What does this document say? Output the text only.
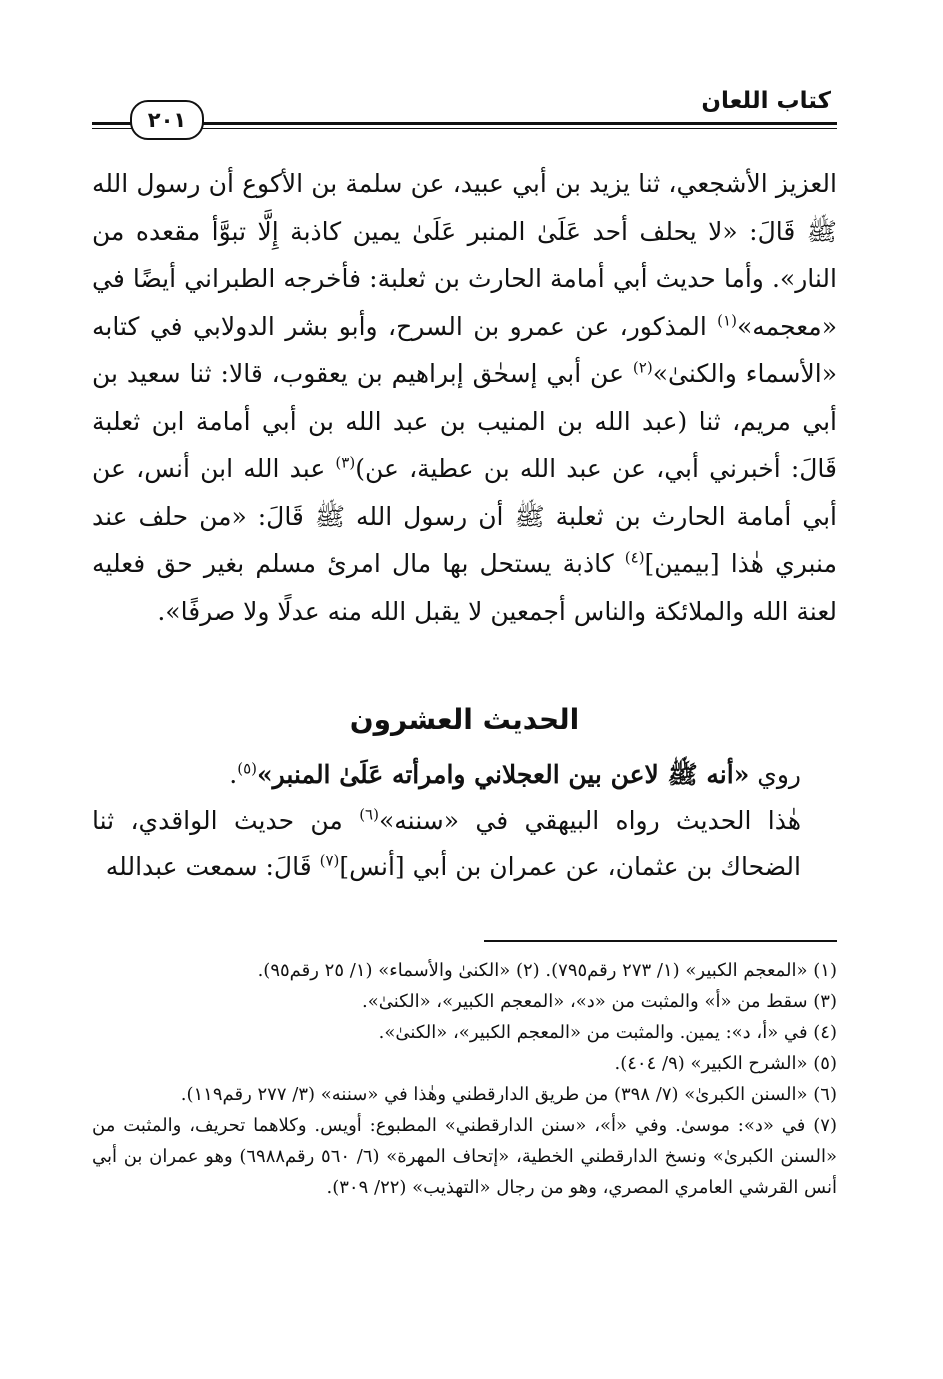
كتاب اللعان
٢٠١

العزيز الأشجعي، ثنا يزيد بن أبي عبيد، عن سلمة بن الأكوع أن رسول الله ﷺ قَالَ: «لا يحلف أحد عَلَىٰ المنبر عَلَىٰ يمين كاذبة إِلَّا تبوَّأ مقعده من النار». وأما حديث أبي أمامة الحارث بن ثعلبة: فأخرجه الطبراني أيضًا في «معجمه»$^{(١)}$ المذكور، عن عمرو بن السرح، وأبو بشر الدولابي في كتابه «الأسماء والكنىٰ»$^{(٢)}$ عن أبي إسحٰق إبراهيم بن يعقوب، قالا: ثنا سعيد بن أبي مريم، ثنا (عبد الله بن المنيب بن عبد الله بن أبي أمامة ابن ثعلبة قَالَ: أخبرني أبي، عن عبد الله بن عطية، عن)$^{(٣)}$ عبد الله ابن أنس، عن أبي أمامة الحارث بن ثعلبة ﷺ أن رسول الله ﷺ قَالَ: «من حلف عند منبري هٰذا [بيمين]$^{(٤)}$ كاذبة يستحل بها مال امرئ مسلم بغير حق فعليه لعنة الله والملائكة والناس أجمعين لا يقبل الله منه عدلًا ولا صرفًا».

الحديث العشرون

روي «أنه ﷺ لاعن بين العجلاني وامرأته عَلَىٰ المنبر»$^{(٥)}$.

هٰذا الحديث رواه البيهقي في «سننه»$^{(٦)}$ من حديث الواقدي، ثنا الضحاك بن عثمان، عن عمران بن أبي [أنس]$^{(٧)}$ قَالَ: سمعت عبدالله

(١) «المعجم الكبير» (١/ ٢٧٣ رقم٧٩٥). (٢) «الكنىٰ والأسماء» (١/ ٢٥ رقم٩٥).

(٣) سقط من «أ» والمثبت من «د»، «المعجم الكبير»، «الكنىٰ».

(٤) في «أ، د»: يمين. والمثبت من «المعجم الكبير»، «الكنىٰ».

(٥) «الشرح الكبير» (٩/ ٤٠٤).

(٦) «السنن الكبرىٰ» (٧/ ٣٩٨) من طريق الدارقطني وهٰذا في «سننه» (٣/ ٢٧٧ رقم١١٩).

(٧) في «د»: موسىٰ. وفي «أ»، «سنن الدارقطني» المطبوع: أويس. وكلاهما تحريف، والمثبت من «السنن الكبرىٰ» ونسخ الدارقطني الخطية، «إتحاف المهرة» (٦/ ٥٦٠ رقم٦٩٨٨) وهو عمران بن أبي أنس القرشي العامري المصري، وهو من رجال «التهذيب» (٢٢/ ٣٠٩).
